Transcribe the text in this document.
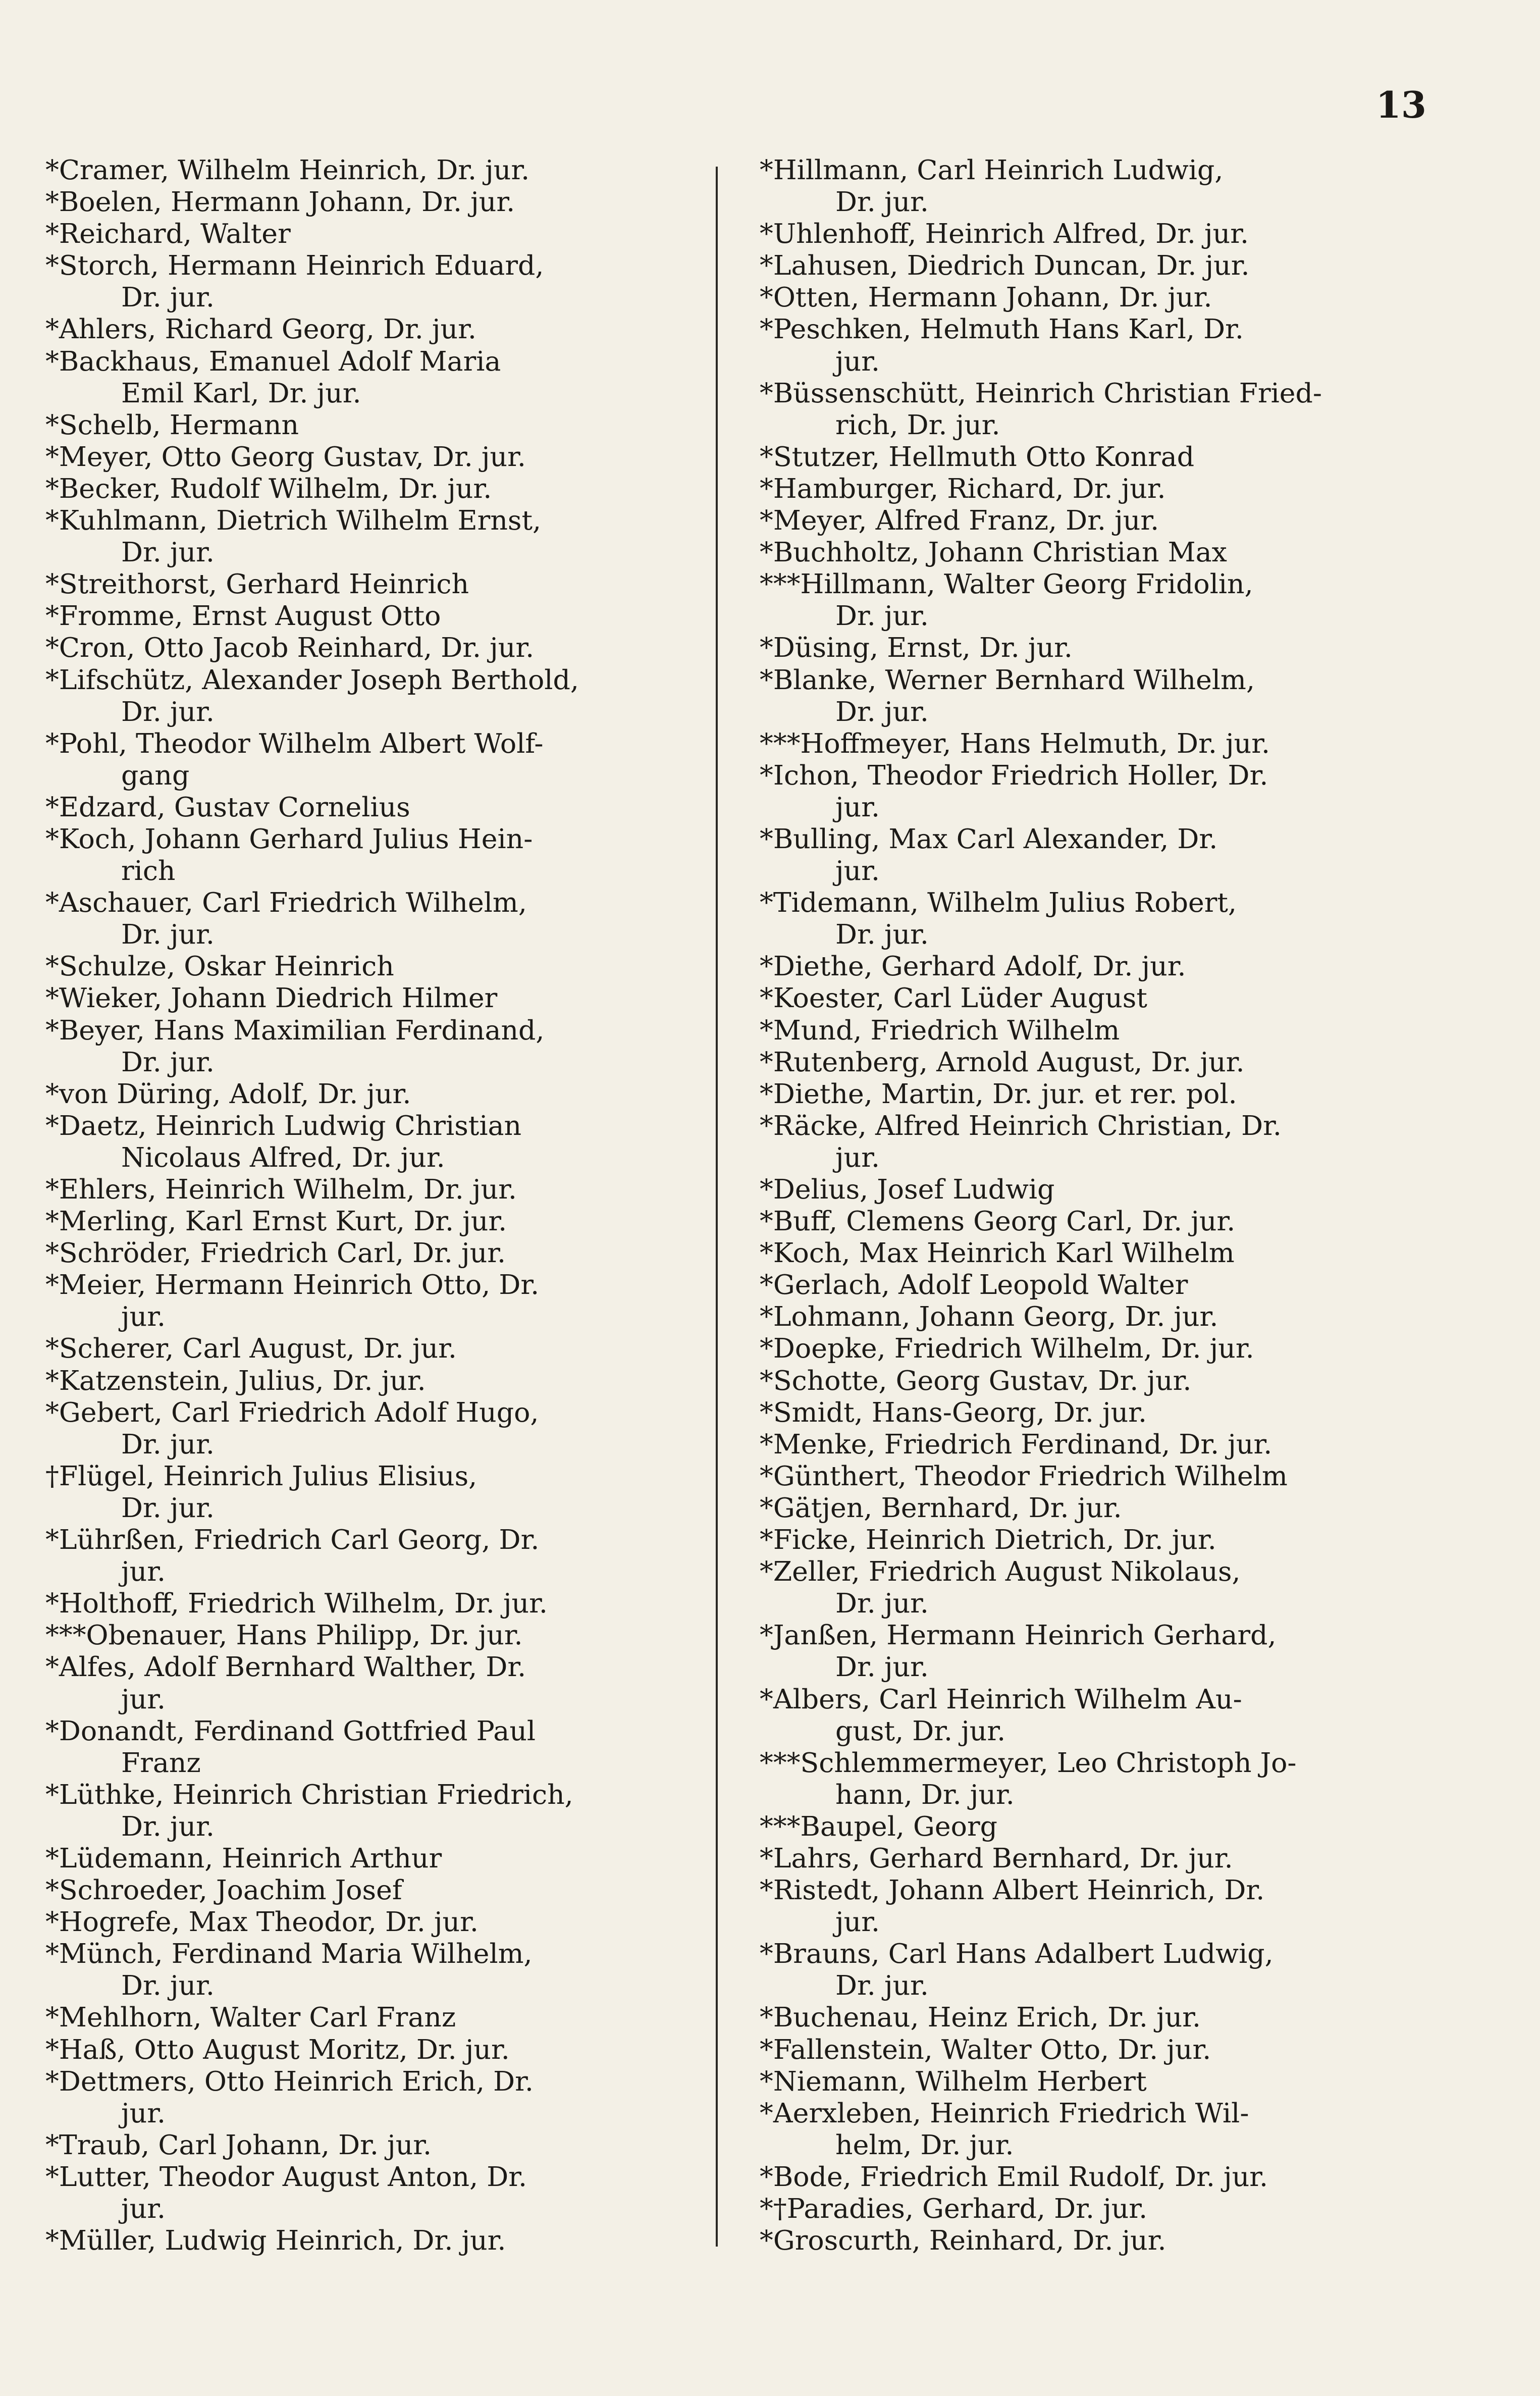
13
*Cramer, Wilhelm Heinrich, Dr. jur.
*Boelen, Hermann Johann, Dr. jur.
*Reichard, Walter
*Storch, Hermann Heinrich Eduard,
Dr. jur.
*Ahlers, Richard Georg, Dr. jur.
*Backhaus, Emanuel Adolf Maria
Emil Karl, Dr. jur.
*Schelb, Hermann
*Meyer, Otto Georg Gustav, Dr. jur.
*Becker, Rudolf Wilhelm, Dr. jur.
*Kuhlmann, Dietrich Wilhelm Ernst,
Dr. jur.
*Streithorst, Gerhard Heinrich
*Fromme, Ernst August Otto
*Cron, Otto Jacob Reinhard, Dr. jur.
*Lifschütz, Alexander Joseph Berthold,
Dr. jur.
*Pohl, Theodor Wilhelm Albert Wolf-
gang
*Edzard, Gustav Cornelius
*Koch, Johann Gerhard Julius Hein-
rich
*Aschauer, Carl Friedrich Wilhelm,
Dr. jur.
*Schulze, Oskar Heinrich
*Wieker, Johann Diedrich Hilmer
*Beyer, Hans Maximilian Ferdinand,
Dr. jur.
*von Düring, Adolf, Dr. jur.
*Daetz, Heinrich Ludwig Christian
Nicolaus Alfred, Dr. jur.
*Ehlers, Heinrich Wilhelm, Dr. jur.
*Merling, Karl Ernst Kurt, Dr. jur.
*Schröder, Friedrich Carl, Dr. jur.
*Meier, Hermann Heinrich Otto, Dr.
jur.
*Scherer, Carl August, Dr. jur.
*Katzenstein, Julius, Dr. jur.
*Gebert, Carl Friedrich Adolf Hugo,
Dr. jur.
†Flügel, Heinrich Julius Elisius,
Dr. jur.
*Lührßen, Friedrich Carl Georg, Dr.
jur.
*Holthoff, Friedrich Wilhelm, Dr. jur.
***Obenauer, Hans Philipp, Dr. jur.
*Alfes, Adolf Bernhard Walther, Dr.
jur.
*Donandt, Ferdinand Gottfried Paul
Franz
*Lüthke, Heinrich Christian Friedrich,
Dr. jur.
*Lüdemann, Heinrich Arthur
*Schroeder, Joachim Josef
*Hogrefe, Max Theodor, Dr. jur.
*Münch, Ferdinand Maria Wilhelm,
Dr. jur.
*Mehlhorn, Walter Carl Franz
*Haß, Otto August Moritz, Dr. jur.
*Dettmers, Otto Heinrich Erich, Dr.
jur.
*Traub, Carl Johann, Dr. jur.
*Lutter, Theodor August Anton, Dr.
jur.
*Müller, Ludwig Heinrich, Dr. jur.
*Hillmann, Carl Heinrich Ludwig,
Dr. jur.
*Uhlenhoff, Heinrich Alfred, Dr. jur.
*Lahusen, Diedrich Duncan, Dr. jur.
*Otten, Hermann Johann, Dr. jur.
*Peschken, Helmuth Hans Karl, Dr.
jur.
*Büssenschütt, Heinrich Christian Fried-
rich, Dr. jur.
*Stutzer, Hellmuth Otto Konrad
*Hamburger, Richard, Dr. jur.
*Meyer, Alfred Franz, Dr. jur.
*Buchholtz, Johann Christian Max
***Hillmann, Walter Georg Fridolin,
Dr. jur.
*Düsing, Ernst, Dr. jur.
*Blanke, Werner Bernhard Wilhelm,
Dr. jur.
***Hoffmeyer, Hans Helmuth, Dr. jur.
*Ichon, Theodor Friedrich Holler, Dr.
jur.
*Bulling, Max Carl Alexander, Dr.
jur.
*Tidemann, Wilhelm Julius Robert,
Dr. jur.
*Diethe, Gerhard Adolf, Dr. jur.
*Koester, Carl Lüder August
*Mund, Friedrich Wilhelm
*Rutenberg, Arnold August, Dr. jur.
*Diethe, Martin, Dr. jur. et rer. pol.
*Räcke, Alfred Heinrich Christian, Dr.
jur.
*Delius, Josef Ludwig
*Buff, Clemens Georg Carl, Dr. jur.
*Koch, Max Heinrich Karl Wilhelm
*Gerlach, Adolf Leopold Walter
*Lohmann, Johann Georg, Dr. jur.
*Doepke, Friedrich Wilhelm, Dr. jur.
*Schotte, Georg Gustav, Dr. jur.
*Smidt, Hans-Georg, Dr. jur.
*Menke, Friedrich Ferdinand, Dr. jur.
*Günthert, Theodor Friedrich Wilhelm
*Gätjen, Bernhard, Dr. jur.
*Ficke, Heinrich Dietrich, Dr. jur.
*Zeller, Friedrich August Nikolaus,
Dr. jur.
*Janßen, Hermann Heinrich Gerhard,
Dr. jur.
*Albers, Carl Heinrich Wilhelm Au-
gust, Dr. jur.
***Schlemmermeyer, Leo Christoph Jo-
hann, Dr. jur.
***Baupel, Georg
*Lahrs, Gerhard Bernhard, Dr. jur.
*Ristedt, Johann Albert Heinrich, Dr.
jur.
*Brauns, Carl Hans Adalbert Ludwig,
Dr. jur.
*Buchenau, Heinz Erich, Dr. jur.
*Fallenstein, Walter Otto, Dr. jur.
*Niemann, Wilhelm Herbert
*Aerxleben, Heinrich Friedrich Wil-
helm, Dr. jur.
*Bode, Friedrich Emil Rudolf, Dr. jur.
*†Paradies, Gerhard, Dr. jur.
*Groscurth, Reinhard, Dr. jur.
